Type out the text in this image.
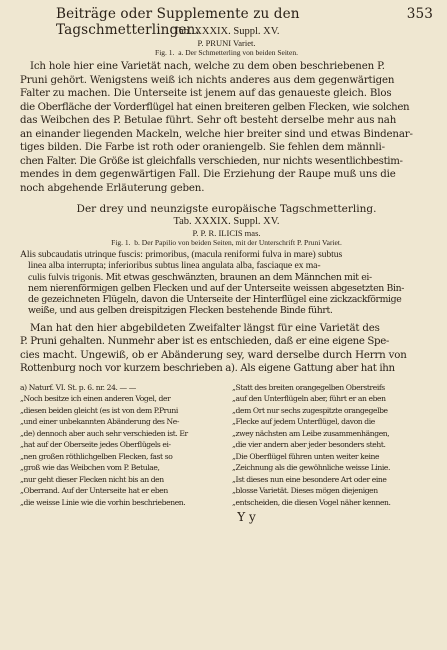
Beiträge oder Supplemente zu den Tagschmetterlingen.
353
Tab. XXXIX. Suppl. XV.
P. PRUNI Variet.
Fig. 1. a. Der Schmetterling von beiden Seiten.
Ich hole hier eine Varietät nach, welche zu dem oben beschriebenen P.
Pruni gehört. Wenigstens weiß ich nichts anderes aus dem gegenwärtigen
Falter zu machen. Die Unterseite ist jenem auf das genaueste gleich. Blos
die Oberfläche der Vorderflügel hat einen breiteren gelben Flecken, wie solchen
das Weibchen des P. Betulae führt. Sehr oft besteht derselbe mehr aus nah
an einander liegenden Mackeln, welche hier breiter sind und etwas Bindenar-
tiges bilden. Die Farbe ist roth oder oraniengelb. Sie fehlen dem männli-
chen Falter. Die Größe ist gleichfalls verschieden, nur nichts wesentlichbestim-
mendes in dem gegenwärtigen Fall. Die Erziehung der Raupe muß uns die
noch abgehende Erläuterung geben.
Der drey und neunzigste europäische Tagschmetterling.
Tab. XXXIX. Suppl. XV.
P. P. R. ILICIS mas.
Fig. 1. b. Der Papilio von beiden Seiten, mit der Unterschrift P. Pruni Variet.
Alis subcaudatis utrinque fuscis: primoribus, (macula reniformi fulva in mare) subtus
linea alba interrupta; inferioribus subtus linea angulata alba, fasciaque ex ma-
culis fulvis trigonis. Mit etwas geschwänzten, braunen an dem Männchen mit ei-
nem nierenförmigen gelben Flecken und auf der Unterseite weissen abgesetzten Bin-
de gezeichneten Flügeln, davon die Unterseite der Hinterflügel eine zickzackförmige
weiße, und aus gelben dreispitzigen Flecken bestehende Binde führt.
Man hat den hier abgebildeten Zweifalter längst für eine Varietät des
P. Pruni gehalten. Nunmehr aber ist es entschieden, daß er eine eigene Spe-
cies macht. Ungewiß, ob er Abänderung sey, ward derselbe durch Herrn von
Rottenburg noch vor kurzem beschrieben a). Als eigene Gattung aber hat ihn
a) Naturf. VI. St. p. 6. nr. 24. — —
„Noch besitze ich einen anderen Vogel, der
„diesen beiden gleicht (es ist von dem P.Pruni
„und einer unbekannten Abänderung des Ne-
„de) dennoch aber auch sehr verschieden ist. Er
„hat auf der Oberseite jedes Oberflügels ei-
„nen großen röthlichgelben Flecken, fast so
„groß wie das Weibchen vom P. Betulae,
„nur geht dieser Flecken nicht bis an den
„Oberrand. Auf der Unterseite hat er eben
„die weisse Linie wie die vorhin beschriebenen.
„Statt des breiten orangegelben Oberstreifs
„auf den Unterflügeln aber, führt er an eben
„dem Ort nur sechs zugespitzte orangegelbe
„Flecke auf jedem Unterflügel, davon die
„zwey nächsten am Leibe zusammenhängen,
„die vier andern aber jeder besonders steht.
„Die Oberflügel führen unten weiter keine
„Zeichnung als die gewöhnliche weisse Linie.
„Ist dieses nun eine besondere Art oder eine
„blosse Varietät. Dieses mögen diejenigen
„entscheiden, die diesen Vogel näher kennen.
Y y
